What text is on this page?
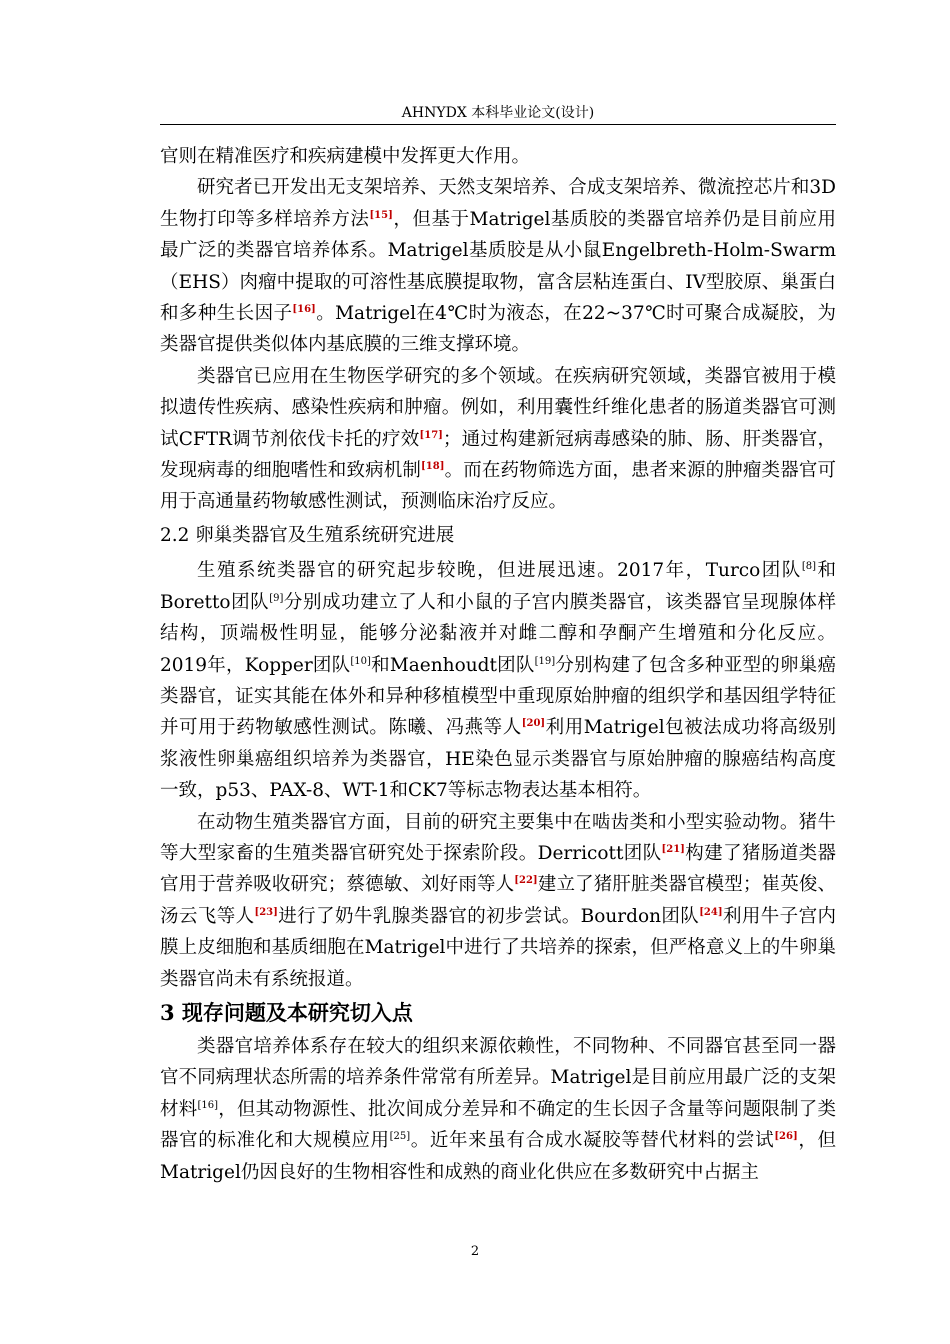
AHNYDX 本科毕业论文(设计)

官则在精准医疗和疾病建模中发挥更大作用。

研究者已开发出无支架培养、天然支架培养、合成支架培养、微流控芯片和3D生物打印等多样培养方法[15]，但基于Matrigel基质胶的类器官培养仍是目前应用最广泛的类器官培养体系。Matrigel基质胶是从小鼠Engelbreth-Holm-Swarm（EHS）肉瘤中提取的可溶性基底膜提取物，富含层粘连蛋白、IV型胶原、巢蛋白和多种生长因子[16]。Matrigel在4℃时为液态，在22~37℃时可聚合成凝胶，为类器官提供类似体内基底膜的三维支撑环境。

类器官已应用在生物医学研究的多个领域。在疾病研究领域，类器官被用于模拟遗传性疾病、感染性疾病和肿瘤。例如，利用囊性纤维化患者的肠道类器官可测试CFTR调节剂依伐卡托的疗效[17]；通过构建新冠病毒感染的肺、肠、肝类器官，发现病毒的细胞嗜性和致病机制[18]。而在药物筛选方面，患者来源的肿瘤类器官可用于高通量药物敏感性测试，预测临床治疗反应。

2.2 卵巢类器官及生殖系统研究进展

生殖系统类器官的研究起步较晚，但进展迅速。2017年，Turco团队[8]和Boretto团队[9]分别成功建立了人和小鼠的子宫内膜类器官，该类器官呈现腺体样结构，顶端极性明显，能够分泌黏液并对雌二醇和孕酮产生增殖和分化反应。2019年，Kopper团队[10]和Maenhoudt团队[19]分别构建了包含多种亚型的卵巢癌类器官，证实其能在体外和异种移植模型中重现原始肿瘤的组织学和基因组学特征并可用于药物敏感性测试。陈曦、冯燕等人[20]利用Matrigel包被法成功将高级别浆液性卵巢癌组织培养为类器官，HE染色显示类器官与原始肿瘤的腺癌结构高度一致，p53、PAX-8、WT-1和CK7等标志物表达基本相符。

在动物生殖类器官方面，目前的研究主要集中在啮齿类和小型实验动物。猪牛等大型家畜的生殖类器官研究处于探索阶段。Derricott团队[21]构建了猪肠道类器官用于营养吸收研究；蔡德敏、刘好雨等人[22]建立了猪肝脏类器官模型；崔英俊、汤云飞等人[23]进行了奶牛乳腺类器官的初步尝试。Bourdon团队[24]利用牛子宫内膜上皮细胞和基质细胞在Matrigel中进行了共培养的探索，但严格意义上的牛卵巢类器官尚未有系统报道。

3 现存问题及本研究切入点

类器官培养体系存在较大的组织来源依赖性，不同物种、不同器官甚至同一器官不同病理状态所需的培养条件常常有所差异。Matrigel是目前应用最广泛的支架材料[16]，但其动物源性、批次间成分差异和不确定的生长因子含量等问题限制了类器官的标准化和大规模应用[25]。近年来虽有合成水凝胶等替代材料的尝试[26]，但Matrigel仍因良好的生物相容性和成熟的商业化供应在多数研究中占据主

2
